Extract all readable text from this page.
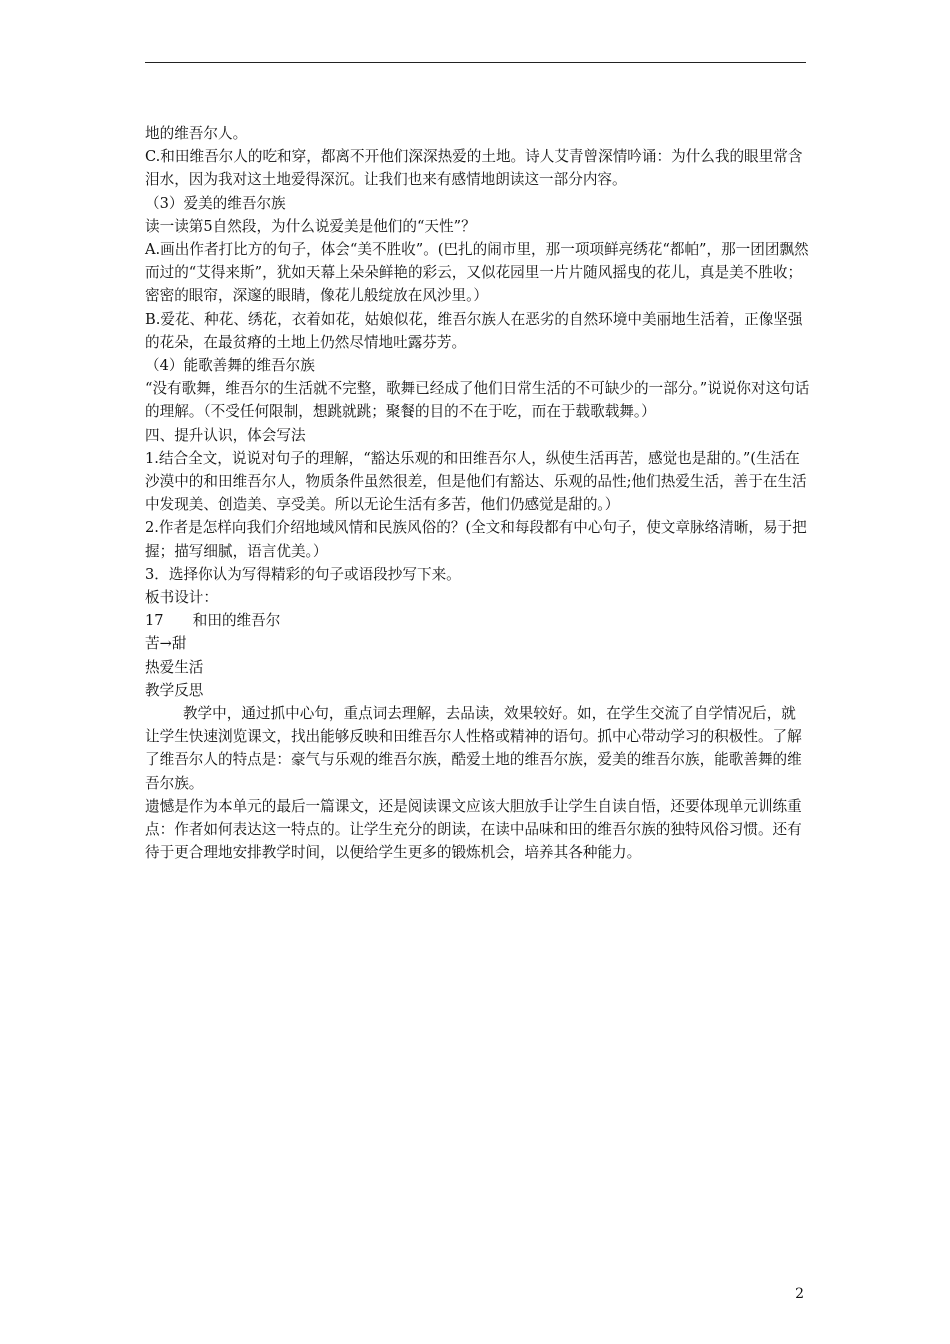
地的维吾尔人。

C.和田维吾尔人的吃和穿，都离不开他们深深热爱的土地。诗人艾青曾深情吟诵：为什么我的眼里常含泪水，因为我对这土地爱得深沉。让我们也来有感情地朗读这一部分内容。

（3）爱美的维吾尔族

读一读第5自然段，为什么说爱美是他们的“天性”？

A.画出作者打比方的句子，体会“美不胜收”。(巴扎的闹市里，那一项项鲜亮绣花“都帕”，那一团团飘然而过的“艾得来斯”，犹如天幕上朵朵鲜艳的彩云，又似花园里一片片随风摇曳的花儿，真是美不胜收；密密的眼帘，深邃的眼睛，像花儿般绽放在风沙里。）

B.爱花、种花、绣花，衣着如花，姑娘似花，维吾尔族人在恶劣的自然环境中美丽地生活着，正像坚强的花朵，在最贫瘠的土地上仍然尽情地吐露芬芳。

（4）能歌善舞的维吾尔族

“没有歌舞，维吾尔的生活就不完整，歌舞已经成了他们日常生活的不可缺少的一部分。”说说你对这句话的理解。（不受任何限制，想跳就跳；聚餐的目的不在于吃，而在于载歌载舞。）

四、提升认识，体会写法

1.结合全文，说说对句子的理解，“豁达乐观的和田维吾尔人，纵使生活再苦，感觉也是甜的。”(生活在沙漠中的和田维吾尔人，物质条件虽然很差，但是他们有豁达、乐观的品性;他们热爱生活，善于在生活中发现美、创造美、享受美。所以无论生活有多苦，他们仍感觉是甜的。）

2.作者是怎样向我们介绍地域风情和民族风俗的？(全文和每段都有中心句子，使文章脉络清晰，易于把握；描写细腻，语言优美。）

3．选择你认为写得精彩的句子或语段抄写下来。

板书设计：

17　　和田的维吾尔

苦→甜

热爱生活

教学反思

教学中，通过抓中心句，重点词去理解，去品读，效果较好。如，在学生交流了自学情况后，就让学生快速浏览课文，找出能够反映和田维吾尔人性格或精神的语句。抓中心带动学习的积极性。了解了维吾尔人的特点是：豪气与乐观的维吾尔族，酷爱土地的维吾尔族，爱美的维吾尔族，能歌善舞的维吾尔族。

遗憾是作为本单元的最后一篇课文，还是阅读课文应该大胆放手让学生自读自悟，还要体现单元训练重点：作者如何表达这一特点的。让学生充分的朗读，在读中品味和田的维吾尔族的独特风俗习惯。还有待于更合理地安排教学时间，以便给学生更多的锻炼机会，培养其各种能力。

2
